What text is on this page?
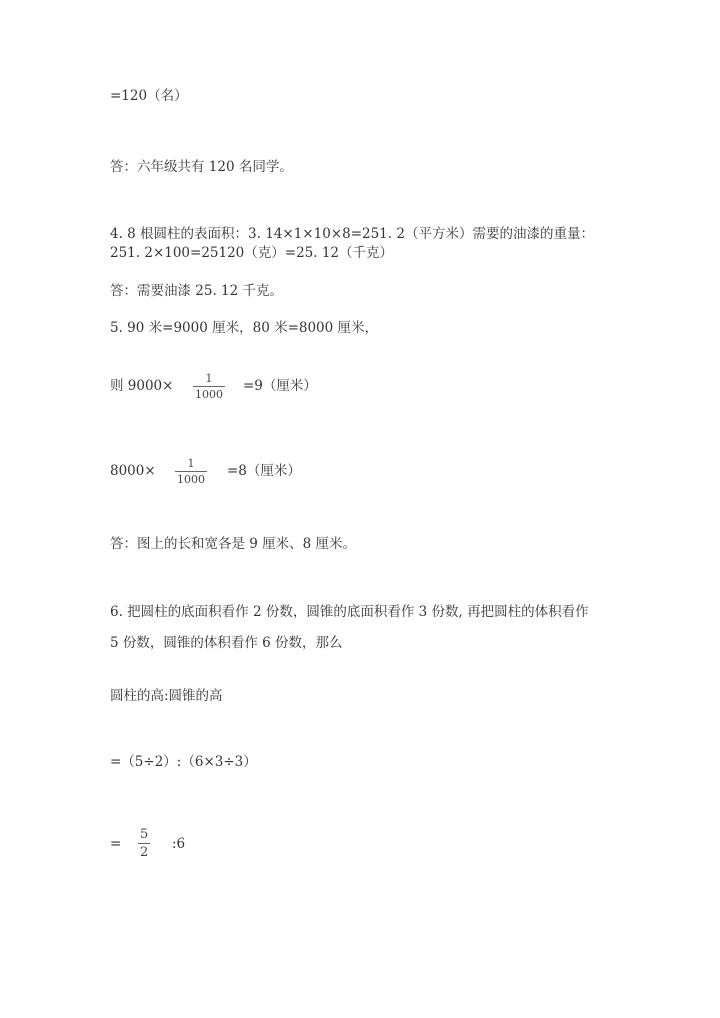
=120（名）
答：六年级共有 120 名同学。
4. 8 根圆柱的表面积：3. 14×1×10×8=251. 2（平方米）需要的油漆的重量：
251. 2×100=25120（克）=25. 12（千克）
答：需要油漆 25. 12 千克。
5. 90 米=9000 厘米，80 米=8000 厘米，
则 9000×	1
1000
=9（厘米）
8000×	1
1000
=8（厘米）
答：图上的长和宽各是 9 厘米、8 厘米。
6. 把圆柱的底面积看作 2 份数，圆锥的底面积看作 3 份数, 再把圆柱的体积看作
5 份数，圆锥的体积看作 6 份数，那么
圆柱的高:圆锥的高
=（5÷2）:（6×3÷3）
=
5
2
:6
